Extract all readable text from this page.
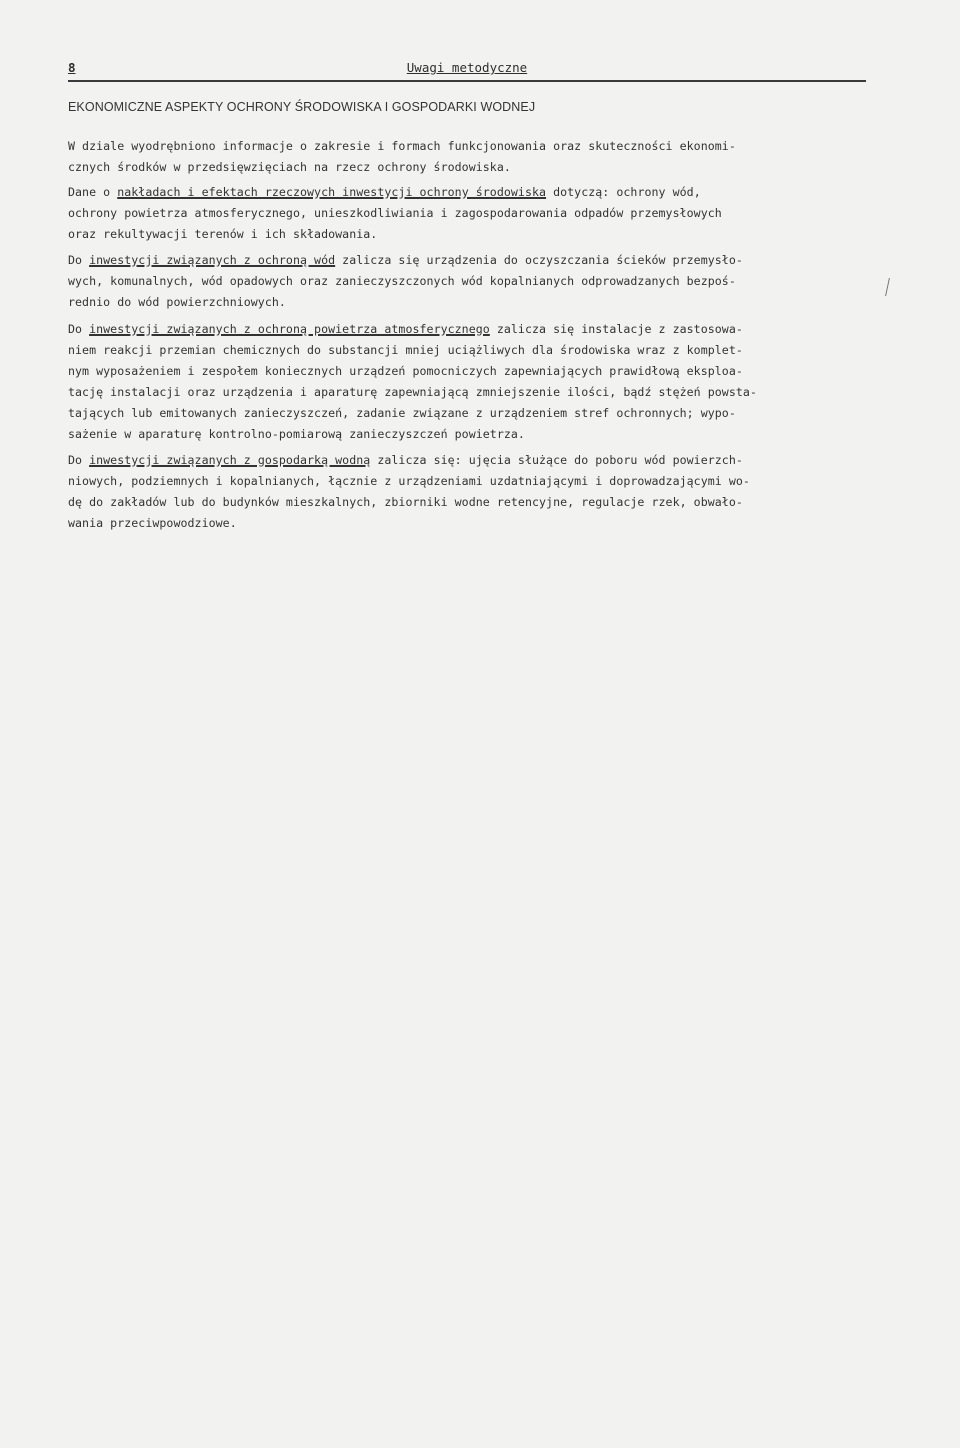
8	Uwagi metodyczne
EKONOMICZNE ASPEKTY OCHRONY ŚRODOWISKA I GOSPODARKI WODNEJ
W dziale wyodrębniono informacje o zakresie i formach funkcjonowania oraz skuteczności ekonomi-
cznych środków w przedsięwzięciach na rzecz ochrony środowiska.
Dane o nakładach i efektach rzeczowych inwestycji ochrony środowiska dotyczą: ochrony wód,
ochrony powietrza atmosferycznego, unieszkodliwiania i zagospodarowania odpadów przemysłowych
oraz rekultywacji terenów i ich składowania.
Do inwestycji związanych z ochroną wód zalicza się urządzenia do oczyszczania ścieków przemysło-
wych, komunalnych, wód opadowych oraz zanieczyszczonych wód kopalnianych odprowadzanych bezpoś-
rednio do wód powierzchniowych.
Do inwestycji związanych z ochroną powietrza atmosferycznego zalicza się instalacje z zastosowa-
niem reakcji przemian chemicznych do substancji mniej uciążliwych dla środowiska wraz z komplet-
nym wyposażeniem i zespołem koniecznych urządzeń pomocniczych zapewniających prawidłową eksploa-
tację instalacji oraz urządzenia i aparaturę zapewniającą zmniejszenie ilości, bądź stężeń powsta-
tających lub emitowanych zanieczyszczeń, zadanie związane z urządzeniem stref ochronnych; wypo-
sażenie w aparaturę kontrolno-pomiarową zanieczyszczeń powietrza.
Do inwestycji związanych z gospodarką wodną zalicza się: ujęcia służące do poboru wód powierzch-
niowych, podziemnych i kopalnianych, łącznie z urządzeniami uzdatniającymi i doprowadzającymi wo-
dę do zakładów lub do budynków mieszkalnych, zbiorniki wodne retencyjne, regulacje rzek, obwało-
wania przeciwpowodziowe.
